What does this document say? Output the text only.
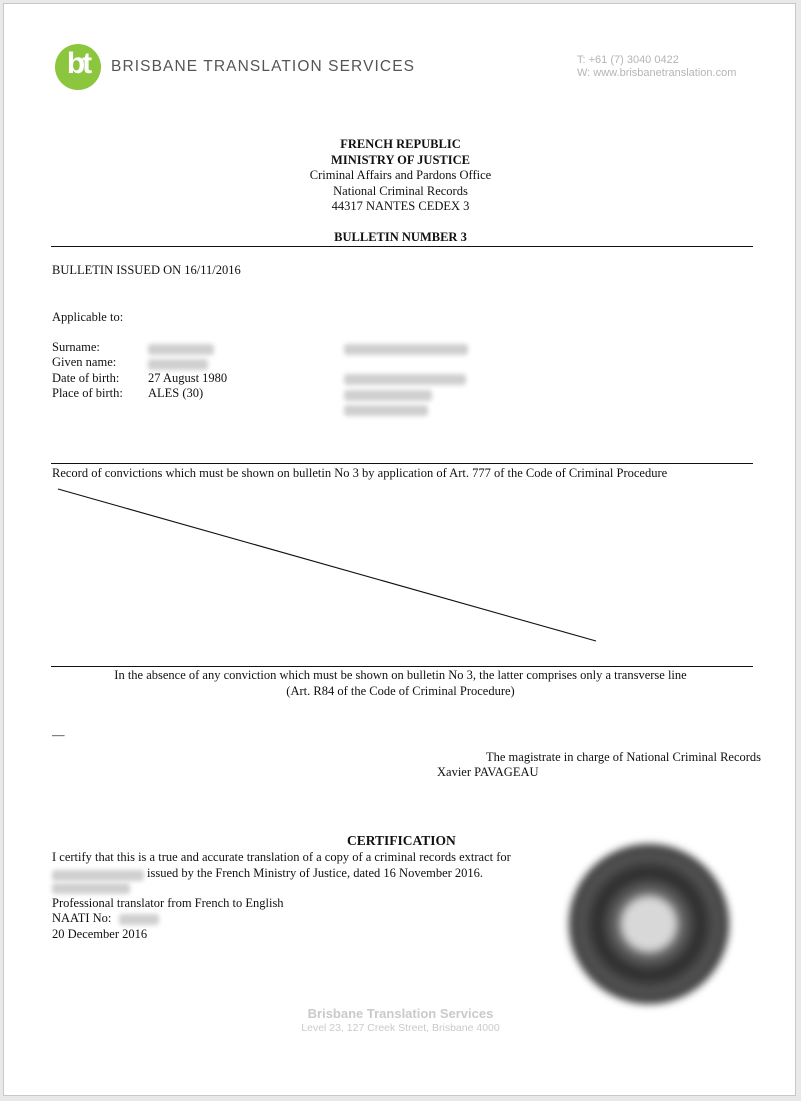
bt	BRISBANE TRANSLATION SERVICES	T: +61 (7) 3040 0422
W: www.brisbanetranslation.com
FRENCH REPUBLIC
MINISTRY OF JUSTICE
Criminal Affairs and Pardons Office
National Criminal Records
44317 NANTES CEDEX 3
BULLETIN NUMBER 3
BULLETIN ISSUED ON 16/11/2016
Applicable to:
Surname:
Given name:
Date of birth: 27 August 1980
Place of birth: ALES (30)
Record of convictions which must be shown on bulletin No 3 by application of Art. 777 of the Code of Criminal Procedure
In the absence of any conviction which must be shown on bulletin No 3, the latter comprises only a transverse line
(Art. R84 of the Code of Criminal Procedure)
—
The magistrate in charge of National Criminal Records
Xavier PAVAGEAU
CERTIFICATION
I certify that this is a true and accurate translation of a copy of a criminal records extract for
issued by the French Ministry of Justice, dated 16 November 2016.
Professional translator from French to English
NAATI No:
20 December 2016
Brisbane Translation Services
Level 23, 127 Creek Street, Brisbane 4000
